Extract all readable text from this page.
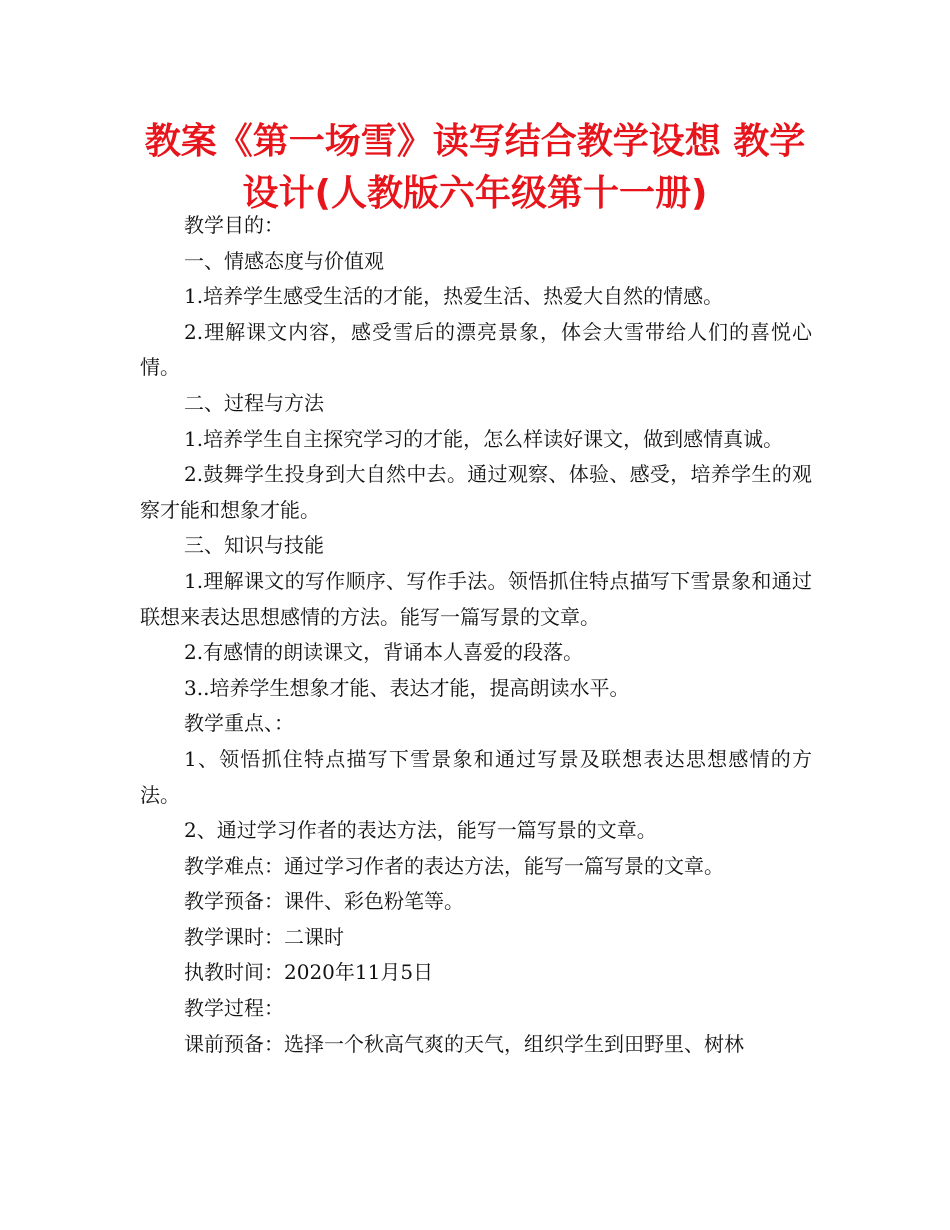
教案《第一场雪》读写结合教学设想 教学设计(人教版六年级第十一册)

教学目的：

一、情感态度与价值观

1.培养学生感受生活的才能，热爱生活、热爱大自然的情感。

2.理解课文内容，感受雪后的漂亮景象，体会大雪带给人们的喜悦心情。

二、过程与方法

1.培养学生自主探究学习的才能，怎么样读好课文，做到感情真诚。

2.鼓舞学生投身到大自然中去。通过观察、体验、感受，培养学生的观察才能和想象才能。

三、知识与技能

1.理解课文的写作顺序、写作手法。领悟抓住特点描写下雪景象和通过联想来表达思想感情的方法。能写一篇写景的文章。

2.有感情的朗读课文，背诵本人喜爱的段落。

3..培养学生想象才能、表达才能，提高朗读水平。

教学重点、：

1、领悟抓住特点描写下雪景象和通过写景及联想表达思想感情的方法。

2、通过学习作者的表达方法，能写一篇写景的文章。

教学难点：通过学习作者的表达方法，能写一篇写景的文章。

教学预备：课件、彩色粉笔等。

教学课时：二课时

执教时间：2020年11月5日

教学过程：

课前预备：选择一个秋高气爽的天气，组织学生到田野里、树林
